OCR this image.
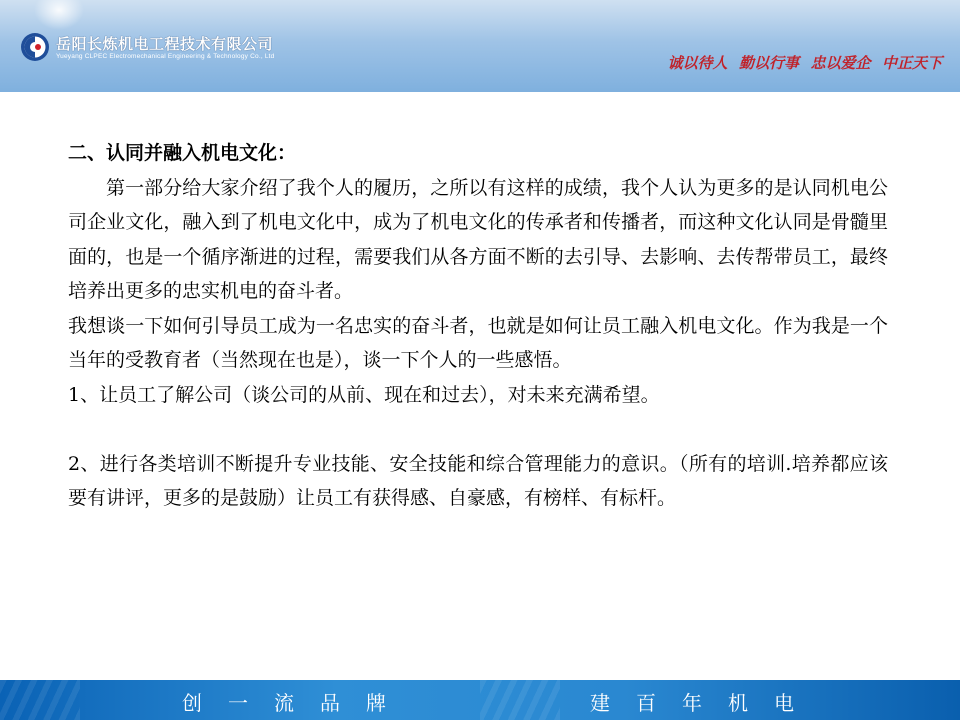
岳阳长炼机电工程技术有限公司
Yueyang CLPEC Electromechanical Engineering & Technology Co., Ltd	诚以待人 勤以行事 忠以爱企 中正天下

二、认同并融入机电文化：

第一部分给大家介绍了我个人的履历，之所以有这样的成绩，我个人认为更多的是认同机电公司企业文化，融入到了机电文化中，成为了机电文化的传承者和传播者，而这种文化认同是骨髓里面的，也是一个循序渐进的过程，需要我们从各方面不断的去引导、去影响、去传帮带员工，最终培养出更多的忠实机电的奋斗者。

我想谈一下如何引导员工成为一名忠实的奋斗者，也就是如何让员工融入机电文化。作为我是一个当年的受教育者（当然现在也是），谈一下个人的一些感悟。

1、让员工了解公司（谈公司的从前、现在和过去），对未来充满希望。

2、进行各类培训不断提升专业技能、安全技能和综合管理能力的意识。（所有的培训.培养都应该要有讲评，更多的是鼓励）让员工有获得感、自豪感，有榜样、有标杆。

创一流品牌	建百年机电
